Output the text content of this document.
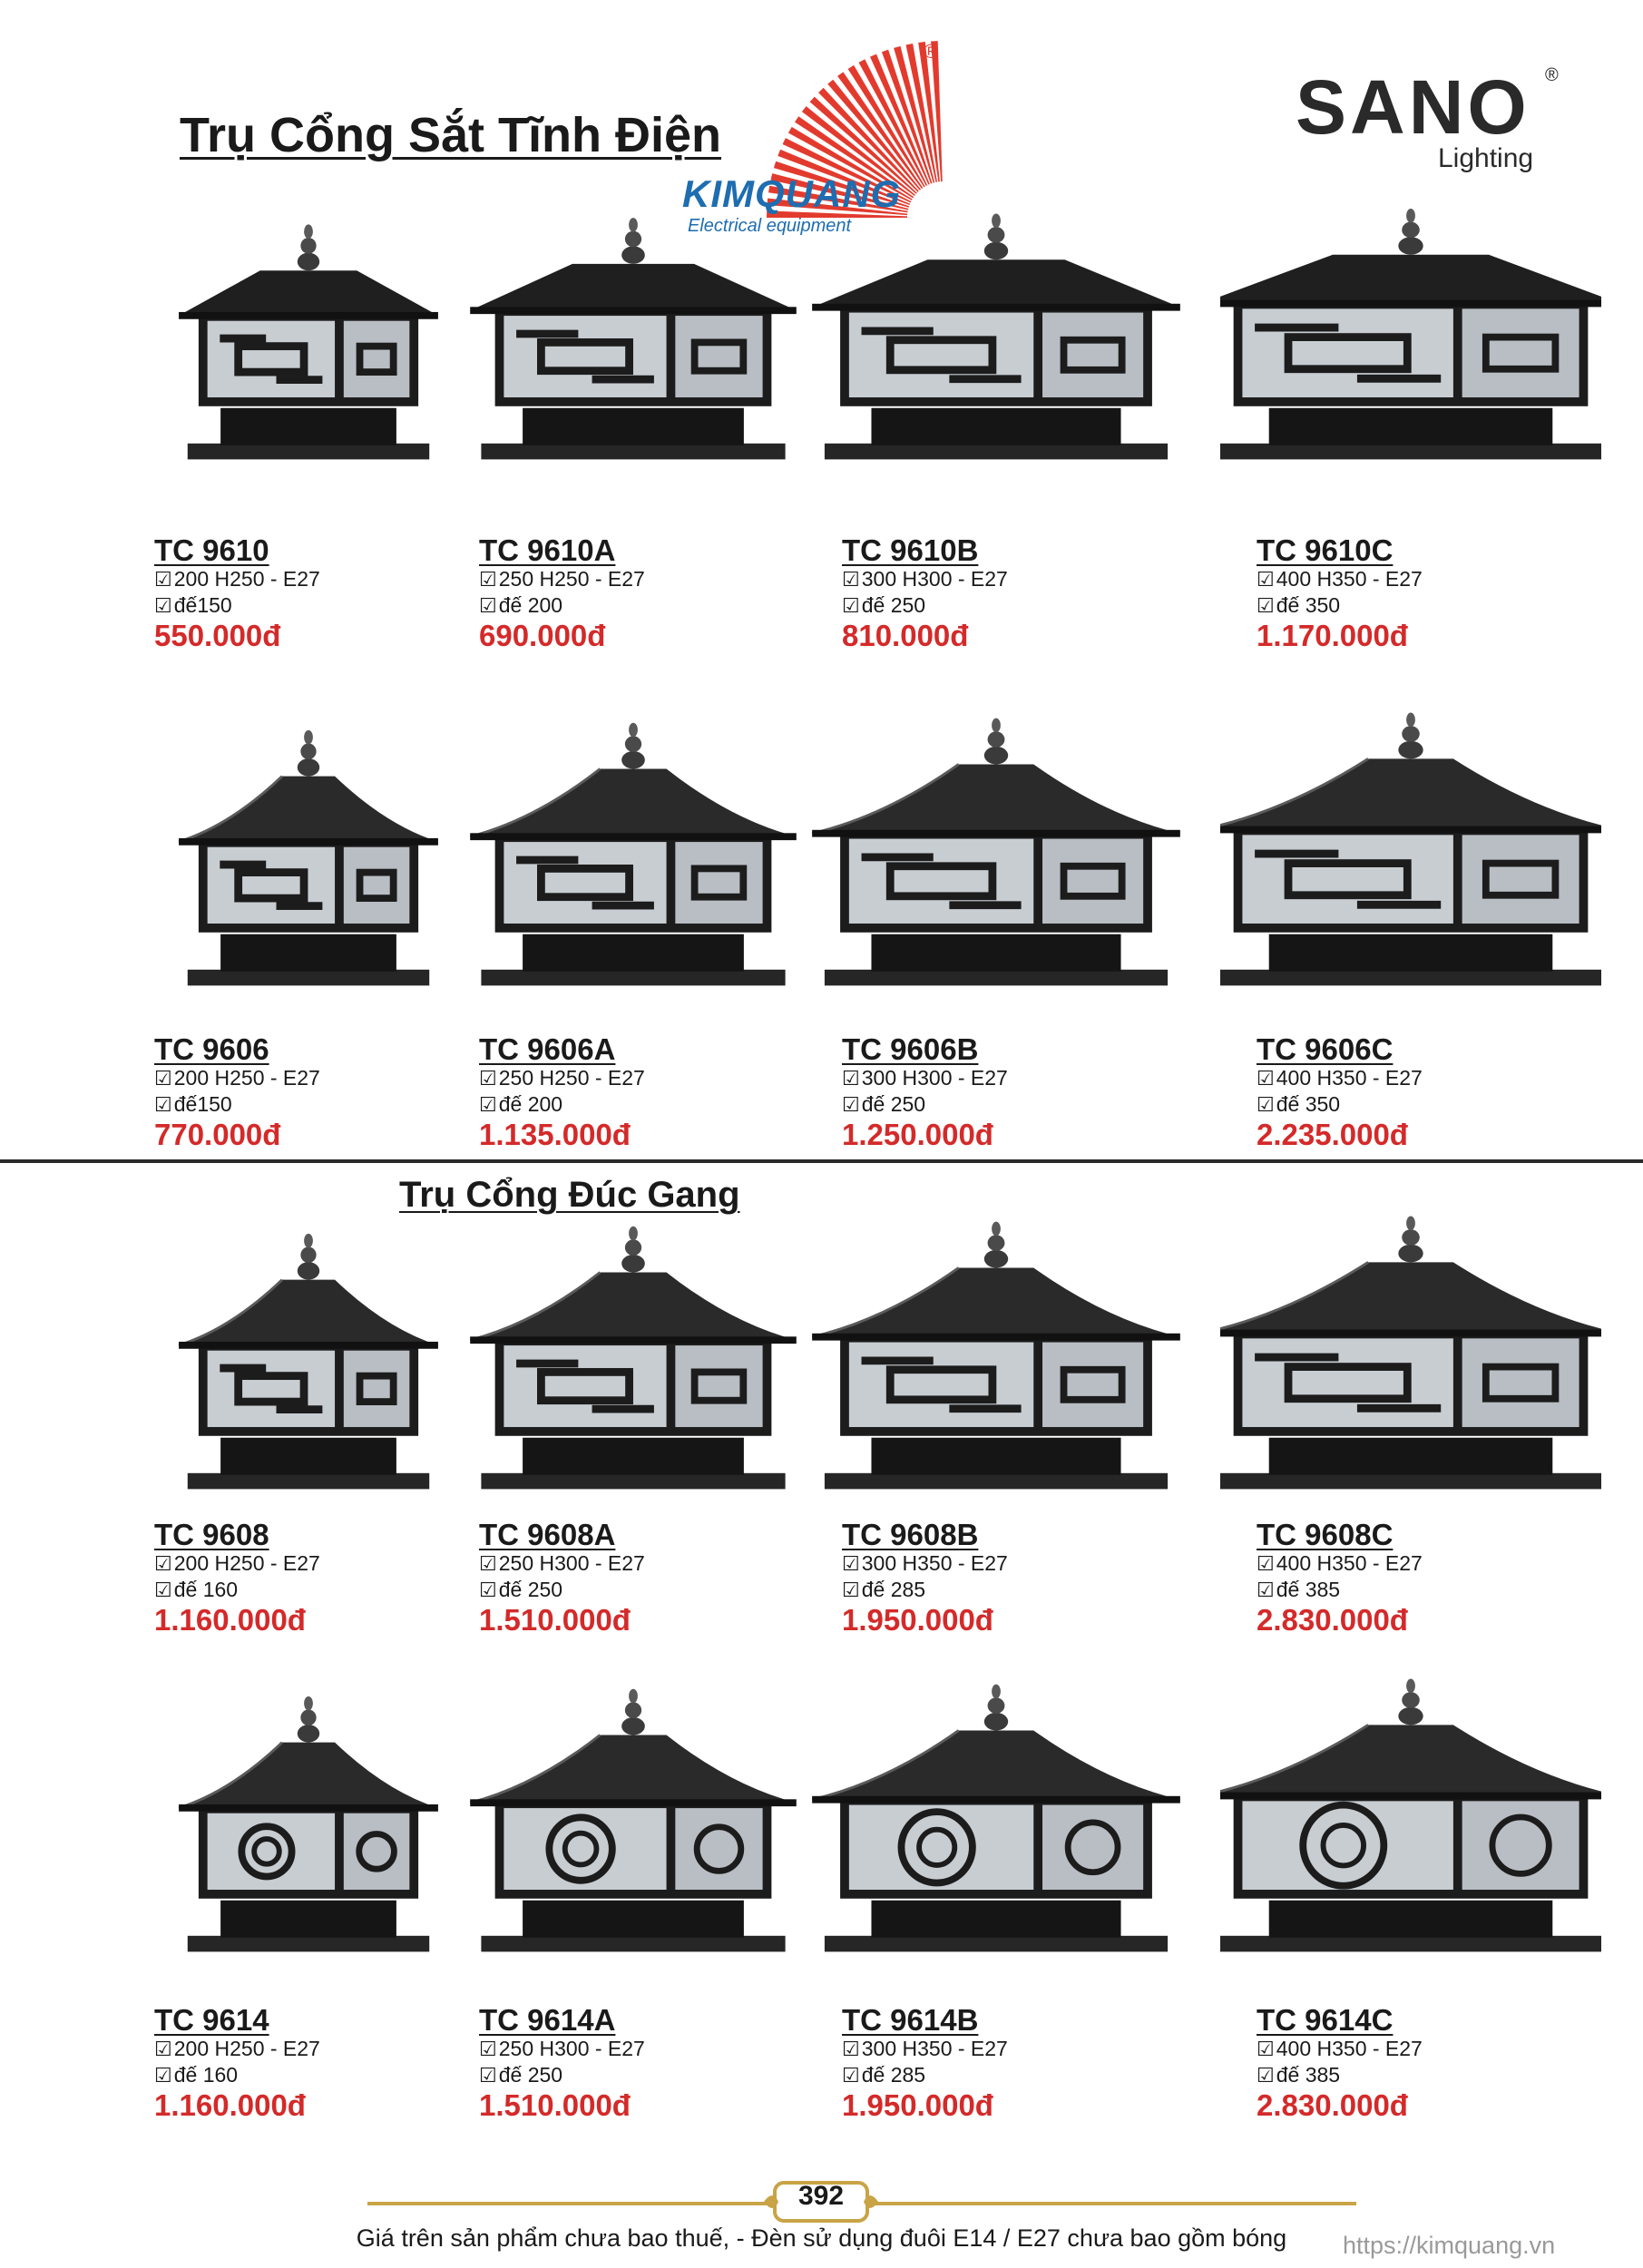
Trụ Cổng Sắt Tĩnh Điện
Trụ Cổng Đúc Gang
®
KIMQUANG
Electrical equipment
SANO ®
Lighting
TC 9610
☑200 H250 - E27
☑đế150
550.000đ
TC 9610A
☑250 H250 - E27
☑đế 200
690.000đ
TC 9610B
☑300 H300 - E27
☑đế 250
810.000đ
TC 9610C
☑400 H350 - E27
☑đế 350
1.170.000đ
TC 9606
☑200 H250 - E27
☑đế150
770.000đ
TC 9606A
☑250 H250 - E27
☑đế 200
1.135.000đ
TC 9606B
☑300 H300 - E27
☑đế 250
1.250.000đ
TC 9606C
☑400 H350 - E27
☑đế 350
2.235.000đ
TC 9608
☑200 H250 - E27
☑đế 160
1.160.000đ
TC 9608A
☑250 H300 - E27
☑đế 250
1.510.000đ
TC 9608B
☑300 H350 - E27
☑đế 285
1.950.000đ
TC 9608C
☑400 H350 - E27
☑đế 385
2.830.000đ
TC 9614
☑200 H250 - E27
☑đế 160
1.160.000đ
TC 9614A
☑250 H300 - E27
☑đế 250
1.510.000đ
TC 9614B
☑300 H350 - E27
☑đế 285
1.950.000đ
TC 9614C
☑400 H350 - E27
☑đế 385
2.830.000đ
392
Giá trên sản phẩm chưa bao thuế, - Đèn sử dụng đuôi E14 / E27 chưa bao gồm bóng	https://kimquang.vn
